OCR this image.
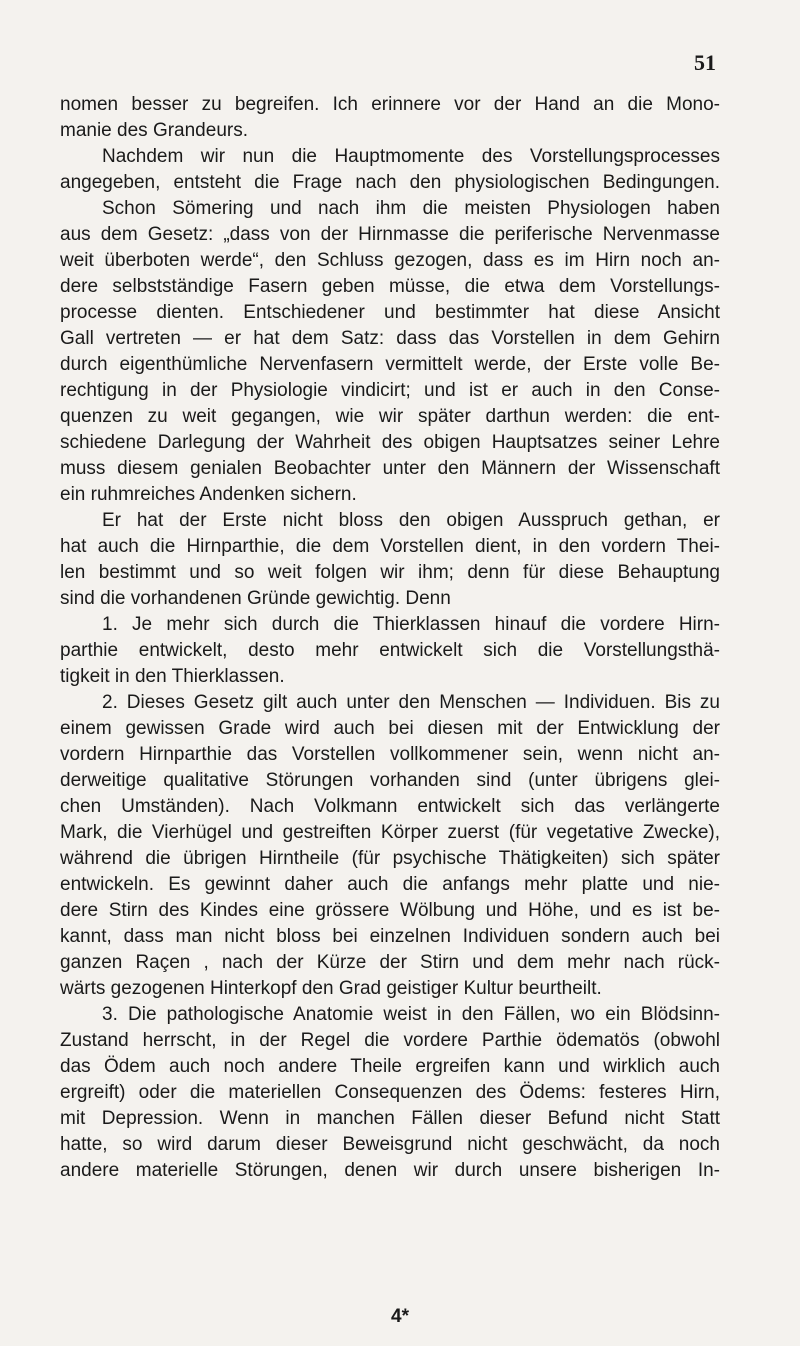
51
nomen besser zu begreifen. Ich erinnere vor der Hand an die Mono-
manie des Grandeurs.
Nachdem wir nun die Hauptmomente des Vorstellungsprocesses
angegeben, entsteht die Frage nach den physiologischen Bedingungen.
Schon Sömering und nach ihm die meisten Physiologen haben
aus dem Gesetz: „dass von der Hirnmasse die periferische Nervenmasse
weit überboten werde“, den Schluss gezogen, dass es im Hirn noch an-
dere selbstständige Fasern geben müsse, die etwa dem Vorstellungs-
processe dienten. Entschiedener und bestimmter hat diese Ansicht
Gall vertreten — er hat dem Satz: dass das Vorstellen in dem Gehirn
durch eigenthümliche Nervenfasern vermittelt werde, der Erste volle Be-
rechtigung in der Physiologie vindicirt; und ist er auch in den Conse-
quenzen zu weit gegangen, wie wir später darthun werden: die ent-
schiedene Darlegung der Wahrheit des obigen Hauptsatzes seiner Lehre
muss diesem genialen Beobachter unter den Männern der Wissenschaft
ein ruhmreiches Andenken sichern.
Er hat der Erste nicht bloss den obigen Ausspruch gethan, er
hat auch die Hirnparthie, die dem Vorstellen dient, in den vordern Thei-
len bestimmt und so weit folgen wir ihm; denn für diese Behauptung
sind die vorhandenen Gründe gewichtig. Denn
1. Je mehr sich durch die Thierklassen hinauf die vordere Hirn-
parthie entwickelt, desto mehr entwickelt sich die Vorstellungsthä-
tigkeit in den Thierklassen.
2. Dieses Gesetz gilt auch unter den Menschen — Individuen. Bis zu
einem gewissen Grade wird auch bei diesen mit der Entwicklung der
vordern Hirnparthie das Vorstellen vollkommener sein, wenn nicht an-
derweitige qualitative Störungen vorhanden sind (unter übrigens glei-
chen Umständen). Nach Volkmann entwickelt sich das verlängerte
Mark, die Vierhügel und gestreiften Körper zuerst (für vegetative Zwecke),
während die übrigen Hirntheile (für psychische Thätigkeiten) sich später
entwickeln. Es gewinnt daher auch die anfangs mehr platte und nie-
dere Stirn des Kindes eine grössere Wölbung und Höhe, und es ist be-
kannt, dass man nicht bloss bei einzelnen Individuen sondern auch bei
ganzen Raçen , nach der Kürze der Stirn und dem mehr nach rück-
wärts gezogenen Hinterkopf den Grad geistiger Kultur beurtheilt.
3. Die pathologische Anatomie weist in den Fällen, wo ein Blödsinn-
Zustand herrscht, in der Regel die vordere Parthie ödematös (obwohl
das Ödem auch noch andere Theile ergreifen kann und wirklich auch
ergreift) oder die materiellen Consequenzen des Ödems: festeres Hirn,
mit Depression. Wenn in manchen Fällen dieser Befund nicht Statt
hatte, so wird darum dieser Beweisgrund nicht geschwächt, da noch
andere materielle Störungen, denen wir durch unsere bisherigen In-
4*
